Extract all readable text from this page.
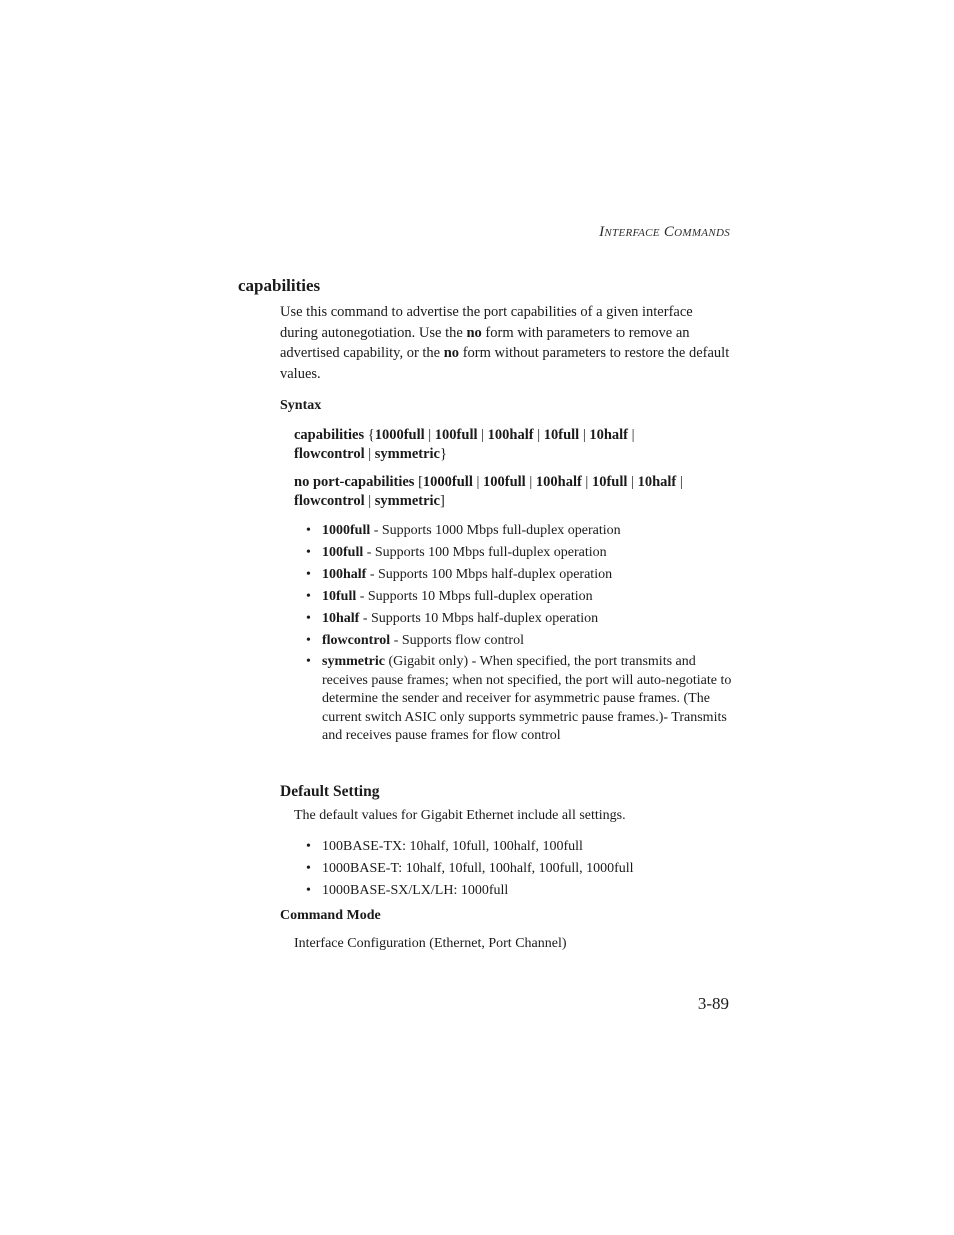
Interface Commands
capabilities
Use this command to advertise the port capabilities of a given interface during autonegotiation. Use the no form with parameters to remove an advertised capability, or the no form without parameters to restore the default values.
Syntax
capabilities {1000full | 100full | 100half | 10full | 10half |
flowcontrol | symmetric}
no port-capabilities [1000full | 100full | 100half | 10full | 10half |
flowcontrol | symmetric]
• 1000full - Supports 1000 Mbps full-duplex operation
• 100full - Supports 100 Mbps full-duplex operation
• 100half - Supports 100 Mbps half-duplex operation
• 10full - Supports 10 Mbps full-duplex operation
• 10half - Supports 10 Mbps half-duplex operation
• flowcontrol - Supports flow control
• symmetric (Gigabit only) - When specified, the port transmits and receives pause frames; when not specified, the port will auto-negotiate to determine the sender and receiver for asymmetric pause frames. (The current switch ASIC only supports symmetric pause frames.)- Transmits and receives pause frames for flow control
Default Setting
The default values for Gigabit Ethernet include all settings.
• 100BASE-TX: 10half, 10full, 100half, 100full
• 1000BASE-T: 10half, 10full, 100half, 100full, 1000full
• 1000BASE-SX/LX/LH: 1000full
Command Mode
Interface Configuration (Ethernet, Port Channel)
3-89
